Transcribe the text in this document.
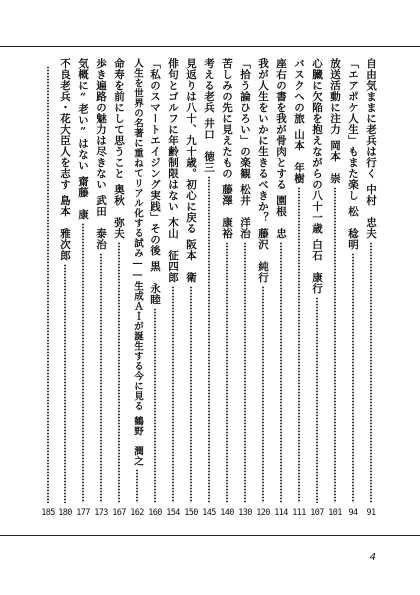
自由気ままに老兵は行く
中村　忠夫
91
「エアポケ人生」もまた楽し
松　稔明
94
放送活動に注力
岡本　崇
101
心臓に欠陥を抱えながらの八十一歳
白石　康行
107
バスクへの旅
山本　年樹
111
座右の書を我が骨肉とする
園根　忠
114
我が人生をいかに生きるべきか？
藤沢　純行
120
「拾う論ひろい」の楽観
松井　洋治
130
苦しみの先に見えたもの
藤澤　康裕
140
考える老兵
井口　徳三
145
見返りは八十、九十歳。初心に戻る
阪本　衛
150
俳句とゴルフに年齢制限はない
木山　征四郎
154
「私のスマートエイジング実践」その後
黒　永睦
160
人生を世界の名著に重ねてリアル化する試み――生成ＡＩが誕生する今に見る
鶴野　潤之
162
命寿を前にして思うこと
奥秋　弥夫
167
歩き遍路の魅力は尽きない
武田　泰治
173
気概に“老い”はない
齋藤　康
177
不良老兵・花大臣人を志す
島本　雅次郎
180
185
4
